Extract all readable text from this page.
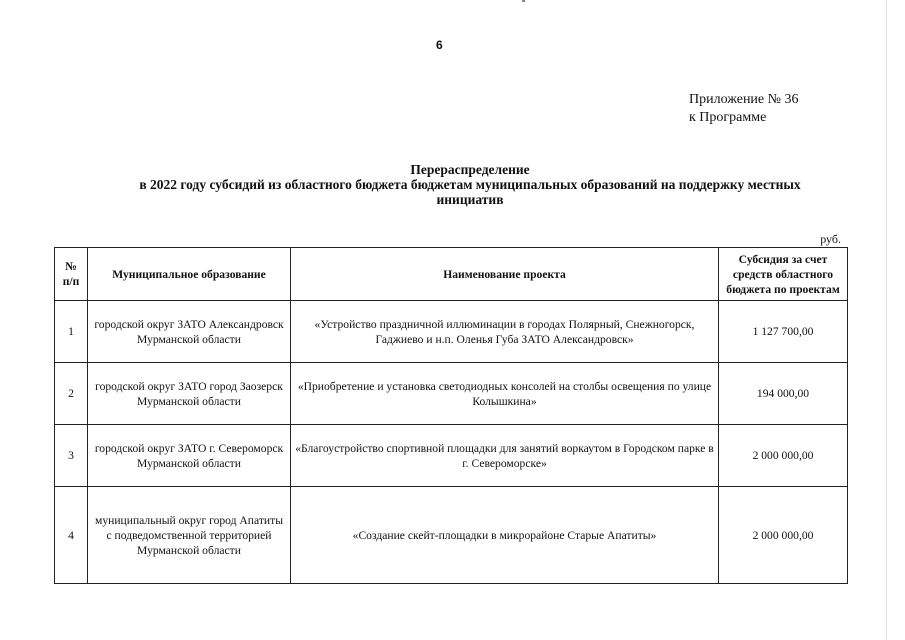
6
Приложение № 36
к Программе
Перераспределение
в 2022 году субсидий из областного бюджета бюджетам муниципальных образований на поддержку местных
инициатив
руб.
№ п/п	Муниципальное образование	Наименование проекта	Субсидия за счет средств областного бюджета по проектам
1	городской округ ЗАТО Александровск Мурманской области	«Устройство праздничной иллюминации в городах Полярный, Снежногорск, Гаджиево и н.п. Оленья Губа ЗАТО Александровск»	1 127 700,00
2	городской округ ЗАТО город Заозерск Мурманской области	«Приобретение и установка светодиодных консолей на столбы освещения по улице Колышкина»	194 000,00
3	городской округ ЗАТО г. Североморск Мурманской области	«Благоустройство спортивной площадки для занятий воркаутом в Городском парке в г. Североморске»	2 000 000,00
4	муниципальный округ город Апатиты с подведомственной территорией Мурманской области	«Создание скейт-площадки в микрорайоне Старые Апатиты»	2 000 000,00
